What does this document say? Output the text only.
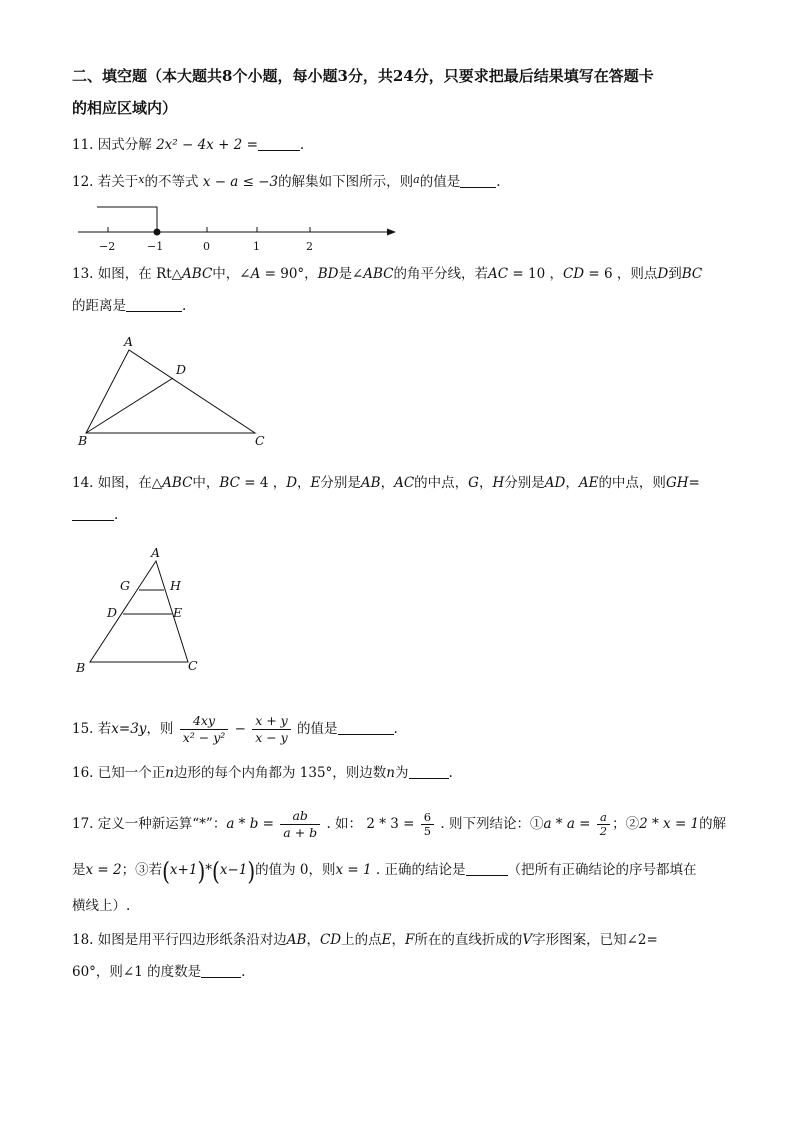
二、填空题（本大题共8个小题，每小题3分，共24分，只要求把最后结果填写在答题卡
的相应区域内）
11. 因式分解 2x² − 4x + 2 =	.
12. 若关于$^x$的不等式 x − a ≤ −3的解集如下图所示，则$^a$的值是	.
−2	−1	0	1	2
13. 如图，在 Rt△ABC中，∠A = 90°，BD是∠ABC的角平分线，若AC = 10 ，CD = 6 ，则点D到BC
的距离是	.
A
B	C
D
14. 如图，在△ABC中，BC = 4 ，D，E分别是AB，AC的中点，G，H分别是AD，AE的中点，则GH=
.
A
G	H
D	E
B	C
15. 若x=3y，则 $\frac{4xy}{\text{x² − y²}} - \frac{x + y}{x - y}$ 的值是	.
16. 已知一个正n边形的每个内角都为 135°，则边数n为	.
17. 定义一种新运算“*”：$a * b = \frac{ab}{a + b}$ . 如： $2 * 3 = \frac{6}{5}$ . 则下列结论：①a * $a = \frac{a}{2}$ ；②2 * x = 1的解
是x = 2；③若(x+1)*(x−1)的值为 0，则x = 1 . 正确的结论是	（把所有正确结论的序号都填在
横线上）.
18. 如图是用平行四边形纸条沿对边AB，CD上的点E，F所在的直线折成的V字形图案，已知∠2=
60°，则∠1 的度数是	.
